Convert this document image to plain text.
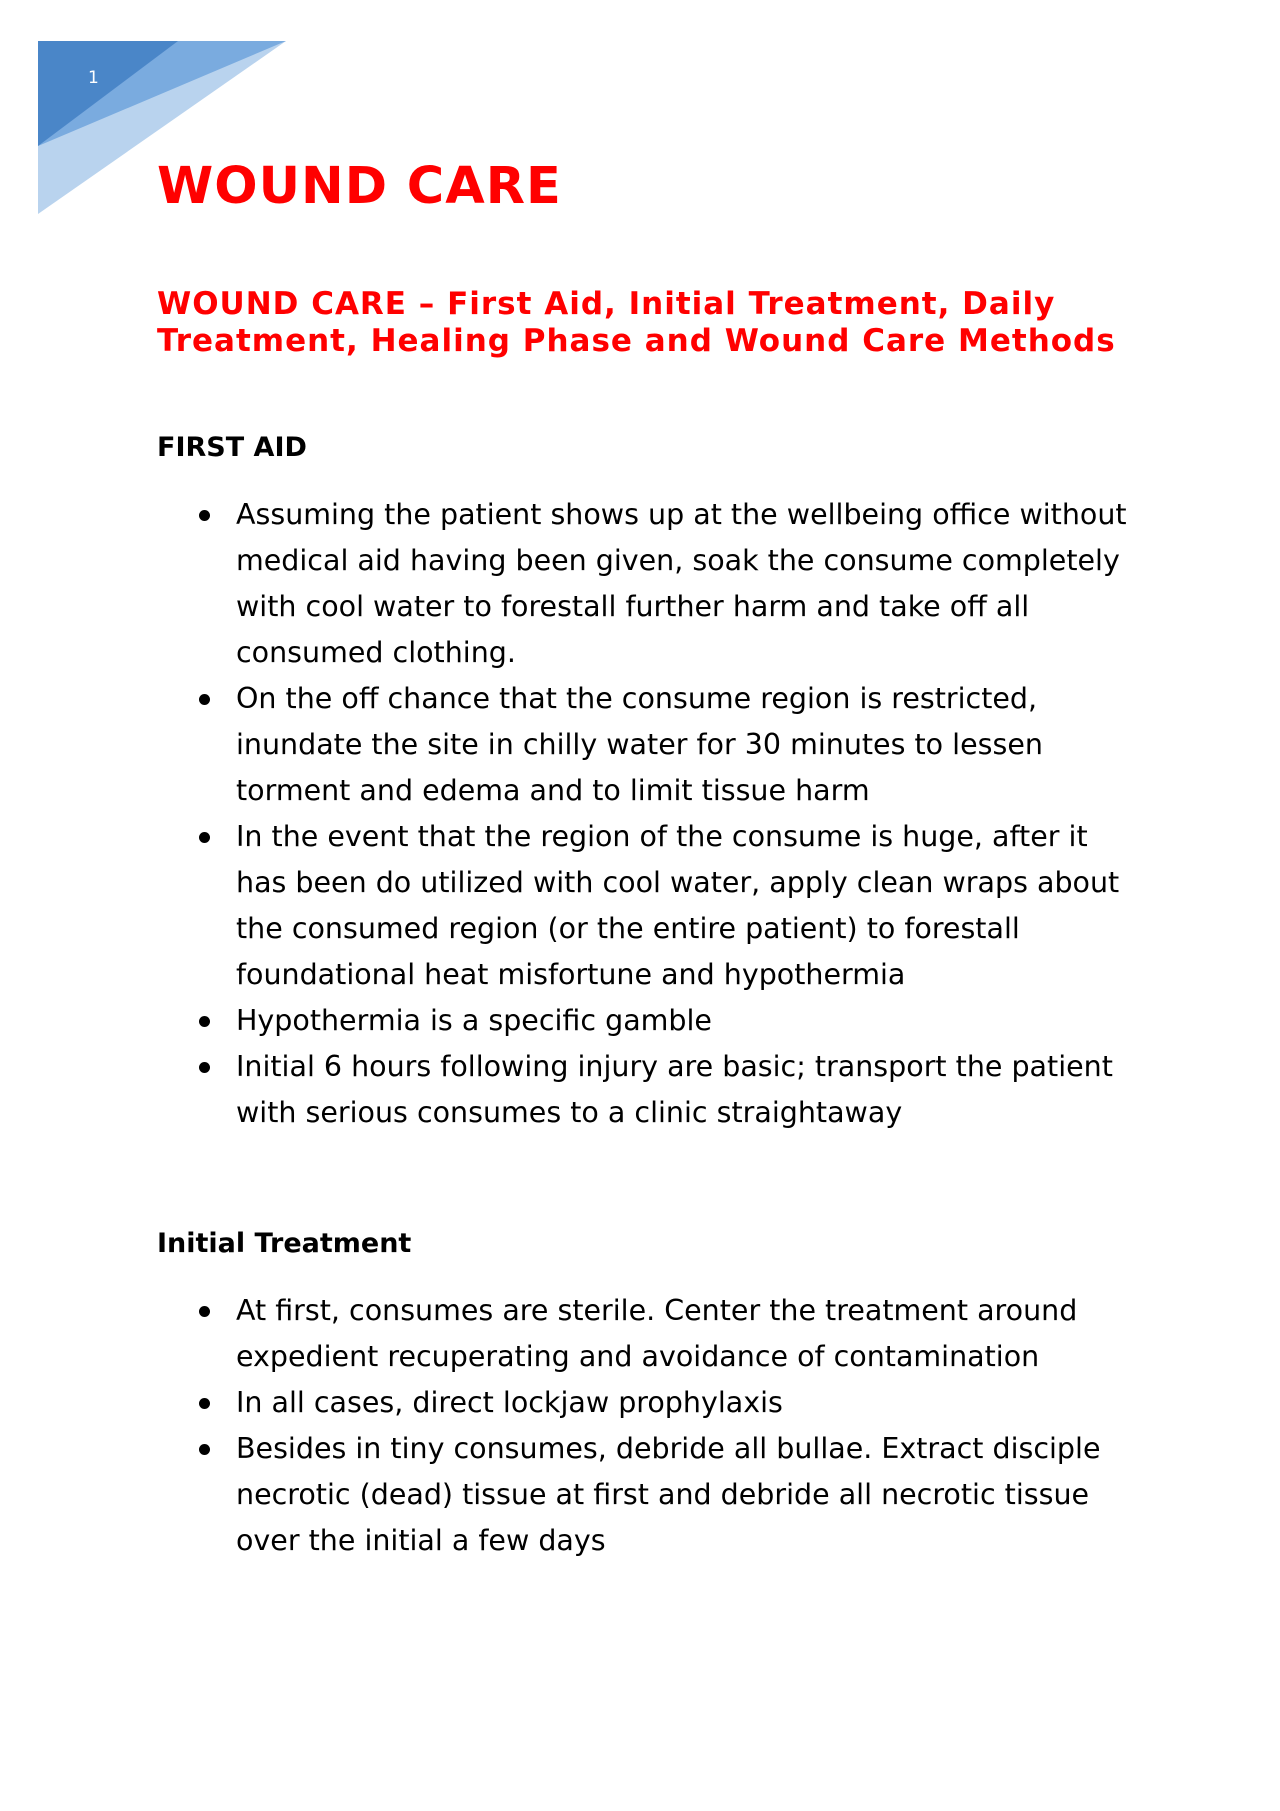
1
WOUND CARE
WOUND CARE – First Aid, Initial Treatment, Daily Treatment, Healing Phase and Wound Care Methods
FIRST AID
Assuming the patient shows up at the wellbeing office without medical aid having been given, soak the consume completely with cool water to forestall further harm and take off all consumed clothing.
On the off chance that the consume region is restricted, inundate the site in chilly water for 30 minutes to lessen torment and edema and to limit tissue harm
In the event that the region of the consume is huge, after it has been do utilized with cool water, apply clean wraps about the consumed region (or the entire patient) to forestall foundational heat misfortune and hypothermia
Hypothermia is a specific gamble
Initial 6 hours following injury are basic; transport the patient with serious consumes to a clinic straightaway
Initial Treatment
At first, consumes are sterile. Center the treatment around expedient recuperating and avoidance of contamination
In all cases, direct lockjaw prophylaxis
Besides in tiny consumes, debride all bullae. Extract disciple necrotic (dead) tissue at first and debride all necrotic tissue over the initial a few days
